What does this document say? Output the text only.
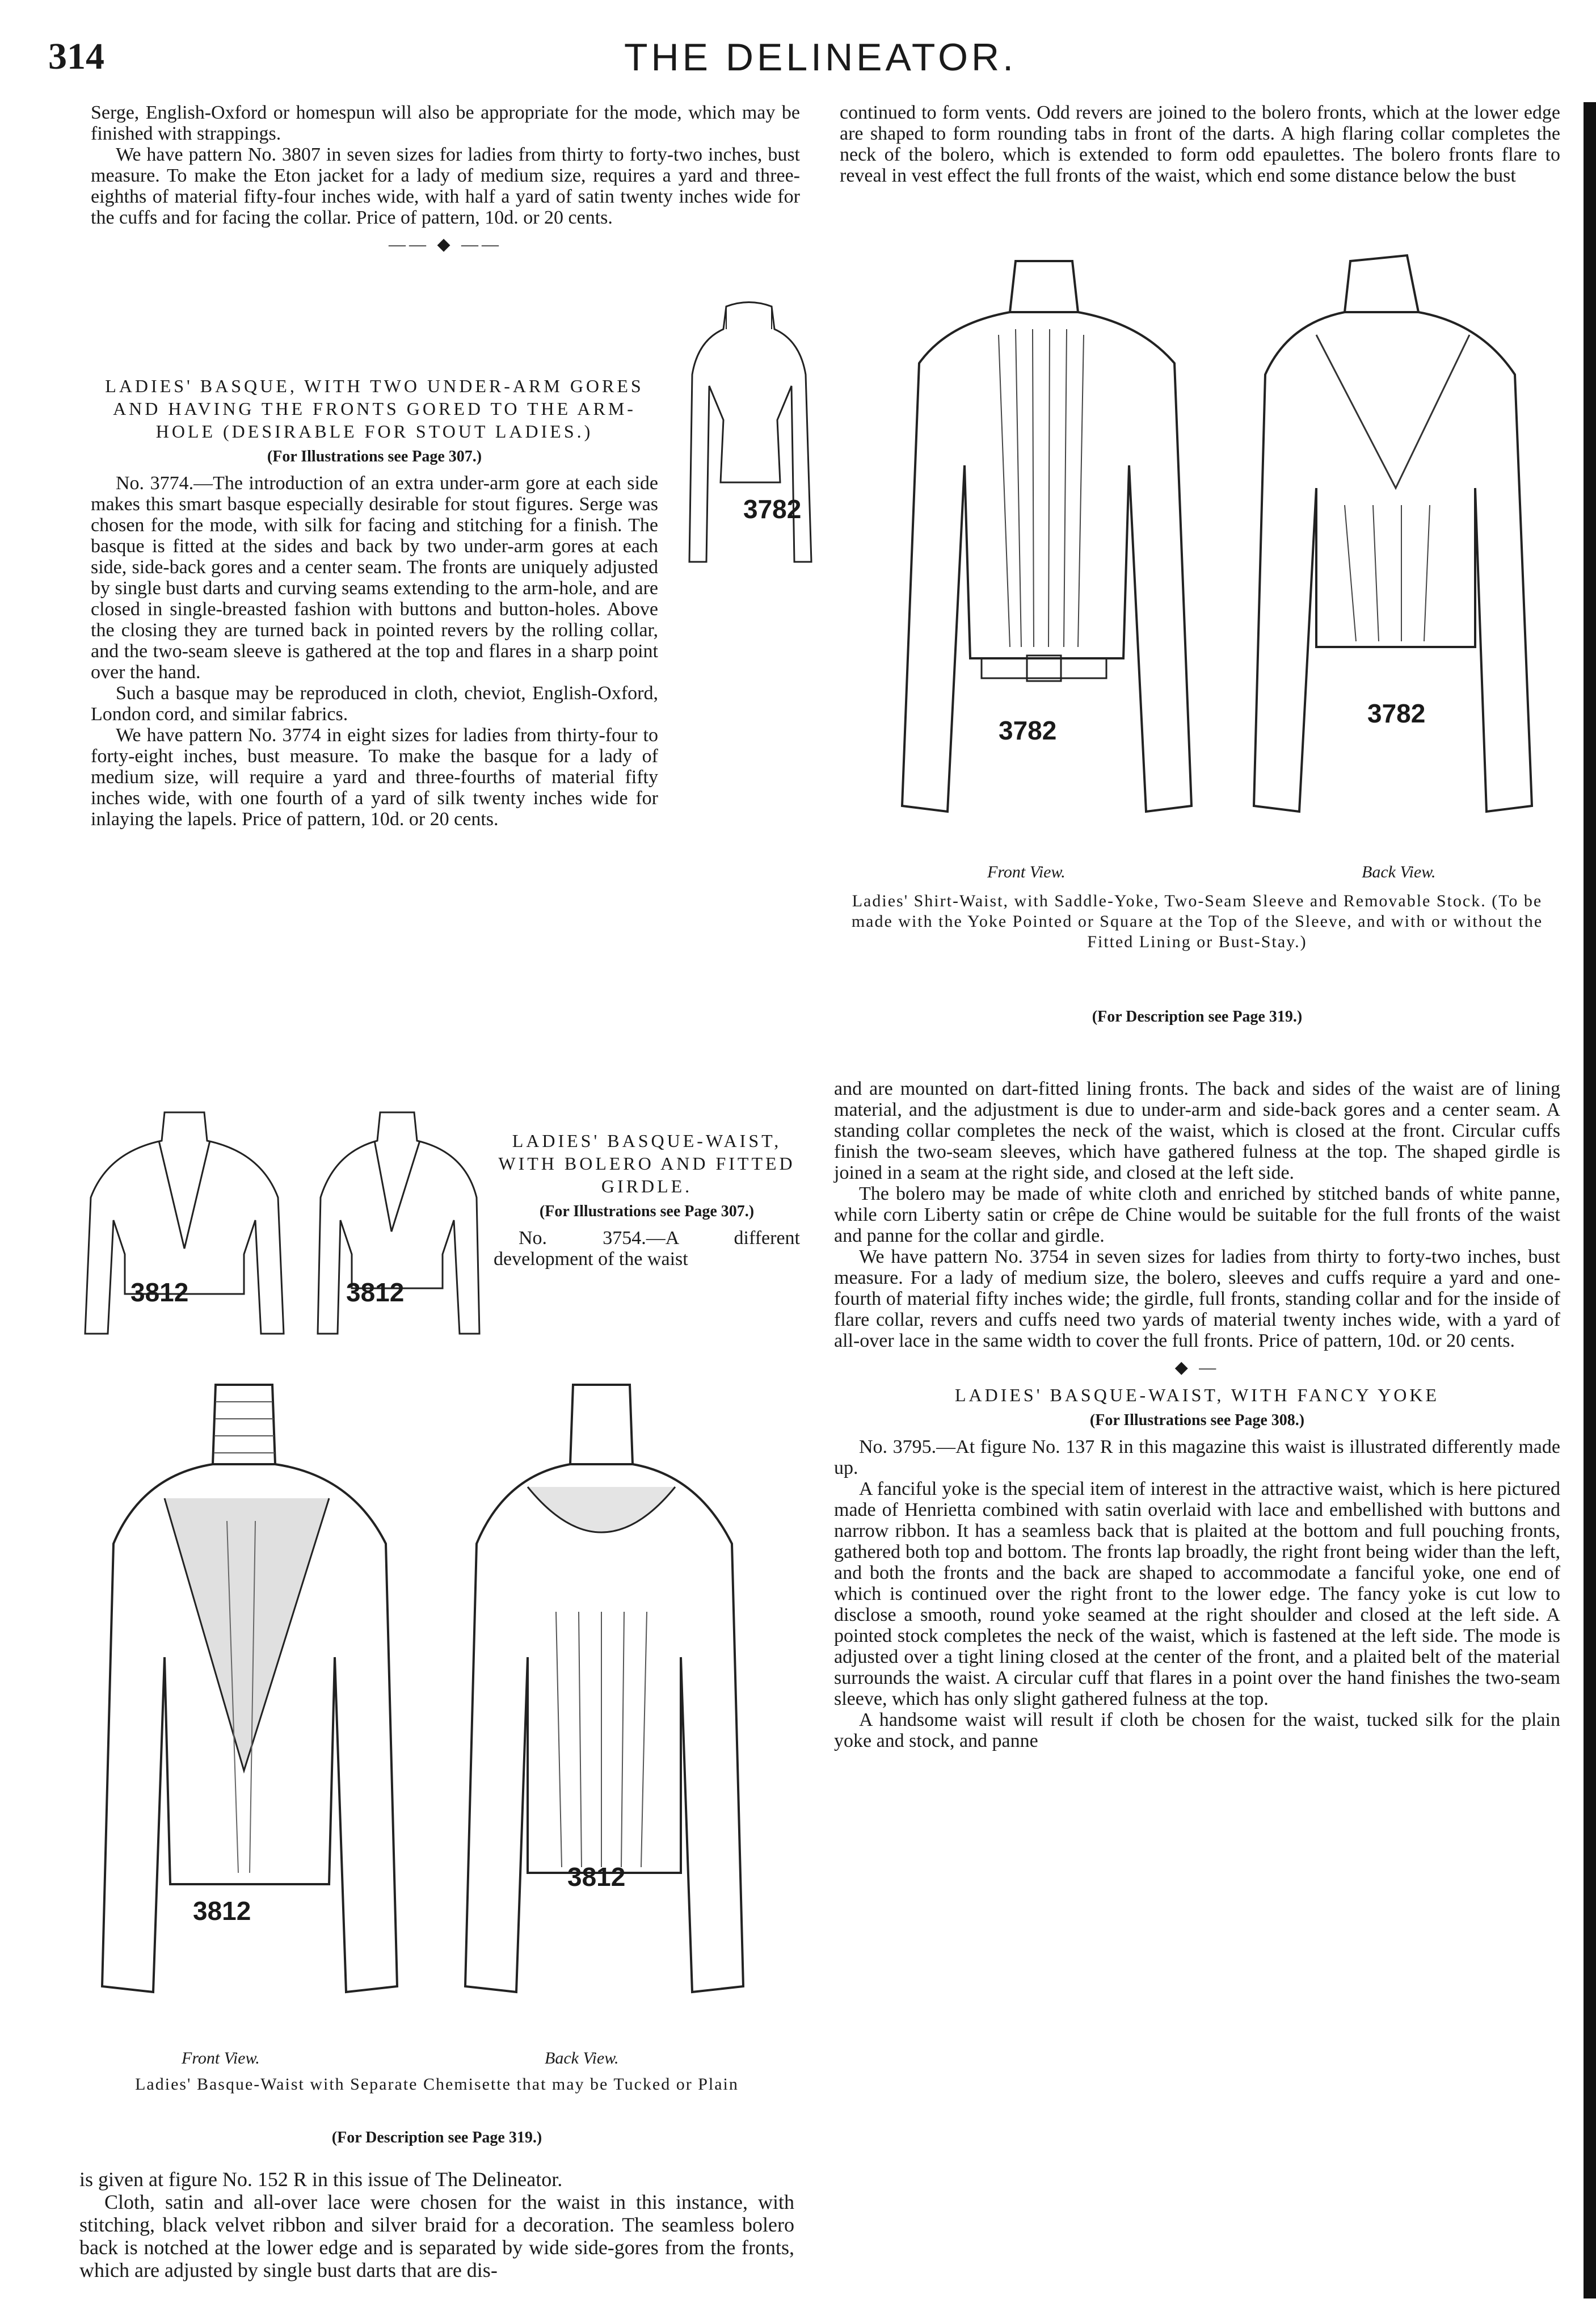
314	THE DELINEATOR.

Serge, English-Oxford or homespun will also be appropriate for the mode, which may be finished with strappings.

We have pattern No. 3807 in seven sizes for ladies from thirty to forty-two inches, bust measure. To make the Eton jacket for a lady of medium size, requires a yard and three-eighths of material fifty-four inches wide, with half a yard of satin twenty inches wide for the cuffs and for facing the collar. Price of pattern, 10d. or 20 cents.

—— ◆ ——
LADIES' BASQUE, WITH TWO UNDER-ARM GORES AND HAVING THE FRONTS GORED TO THE ARM-HOLE (DESIRABLE FOR STOUT LADIES.)
(For Illustrations see Page 307.)

No. 3774.—The introduction of an extra under-arm gore at each side makes this smart basque especially desirable for stout figures. Serge was chosen for the mode, with silk for facing and stitching for a finish. The basque is fitted at the sides and back by two under-arm gores at each side, side-back gores and a center seam. The fronts are uniquely adjusted by single bust darts and curving seams extending to the arm-hole, and are closed in single-breasted fashion with buttons and button-holes. Above the closing they are turned back in pointed revers by the rolling collar, and the two-seam sleeve is gathered at the top and flares in a sharp point over the hand.

Such a basque may be reproduced in cloth, cheviot, English-Oxford, London cord, and similar fabrics.

We have pattern No. 3774 in eight sizes for ladies from thirty-four to forty-eight inches, bust measure. To make the basque for a lady of medium size, will require a yard and three-fourths of material fifty inches wide, with one fourth of a yard of silk twenty inches wide for inlaying the lapels. Price of pattern, 10d. or 20 cents.

3782

continued to form vents. Odd revers are joined to the bolero fronts, which at the lower edge are shaped to form rounding tabs in front of the darts. A high flaring collar completes the neck of the bolero, which is extended to form odd epaulettes. The bolero fronts flare to reveal in vest effect the full fronts of the waist, which end some distance below the bust

3782
3782
Front View.	Back View.
Ladies' Shirt-Waist, with Saddle-Yoke, Two-Seam Sleeve and Removable Stock. (To be made with the Yoke Pointed or Square at the Top of the Sleeve, and with or without the Fitted Lining or Bust-Stay.)
(For Description see Page 319.)

and are mounted on dart-fitted lining fronts. The back and sides of the waist are of lining material, and the adjustment is due to under-arm and side-back gores and a center seam. A standing collar completes the neck of the waist, which is closed at the front. Circular cuffs finish the two-seam sleeves, which have gathered fulness at the top. The shaped girdle is joined in a seam at the right side, and closed at the left side.

The bolero may be made of white cloth and enriched by stitched bands of white panne, while corn Liberty satin or crêpe de Chine would be suitable for the full fronts of the waist and panne for the collar and girdle.

We have pattern No. 3754 in seven sizes for ladies from thirty to forty-two inches, bust measure. For a lady of medium size, the bolero, sleeves and cuffs require a yard and one-fourth of material fifty inches wide; the girdle, full fronts, standing collar and for the inside of flare collar, revers and cuffs need two yards of material twenty inches wide, with a yard of all-over lace in the same width to cover the full fronts. Price of pattern, 10d. or 20 cents.

◆ —
LADIES' BASQUE-WAIST, WITH FANCY YOKE
(For Illustrations see Page 308.)

No. 3795.—At figure No. 137 R in this magazine this waist is illustrated differently made up.

A fanciful yoke is the special item of interest in the attractive waist, which is here pictured made of Henrietta combined with satin overlaid with lace and embellished with buttons and narrow ribbon. It has a seamless back that is plaited at the bottom and full pouching fronts, gathered both top and bottom. The fronts lap broadly, the right front being wider than the left, and both the fronts and the back are shaped to accommodate a fanciful yoke, one end of which is continued over the right front to the lower edge. The fancy yoke is cut low to disclose a smooth, round yoke seamed at the right shoulder and closed at the left side. A pointed stock completes the neck of the waist, which is fastened at the left side. The mode is adjusted over a tight lining closed at the center of the front, and a plaited belt of the material surrounds the waist. A circular cuff that flares in a point over the hand finishes the two-seam sleeve, which has only slight gathered fulness at the top.

A handsome waist will result if cloth be chosen for the waist, tucked silk for the plain yoke and stock, and panne

3812	3812
LADIES' BASQUE-WAIST, WITH BOLERO AND FITTED GIRDLE.
(For Illustrations see Page 307.)

No. 3754.—A different development of the waist

3812
3812
Front View.	Back View.
Ladies' Basque-Waist with Separate Chemisette that may be Tucked or Plain
(For Description see Page 319.)

is given at figure No. 152 R in this issue of The Delineator.

Cloth, satin and all-over lace were chosen for the waist in this instance, with stitching, black velvet ribbon and silver braid for a decoration. The seamless bolero back is notched at the lower edge and is separated by wide side-gores from the fronts, which are adjusted by single bust darts that are dis-
